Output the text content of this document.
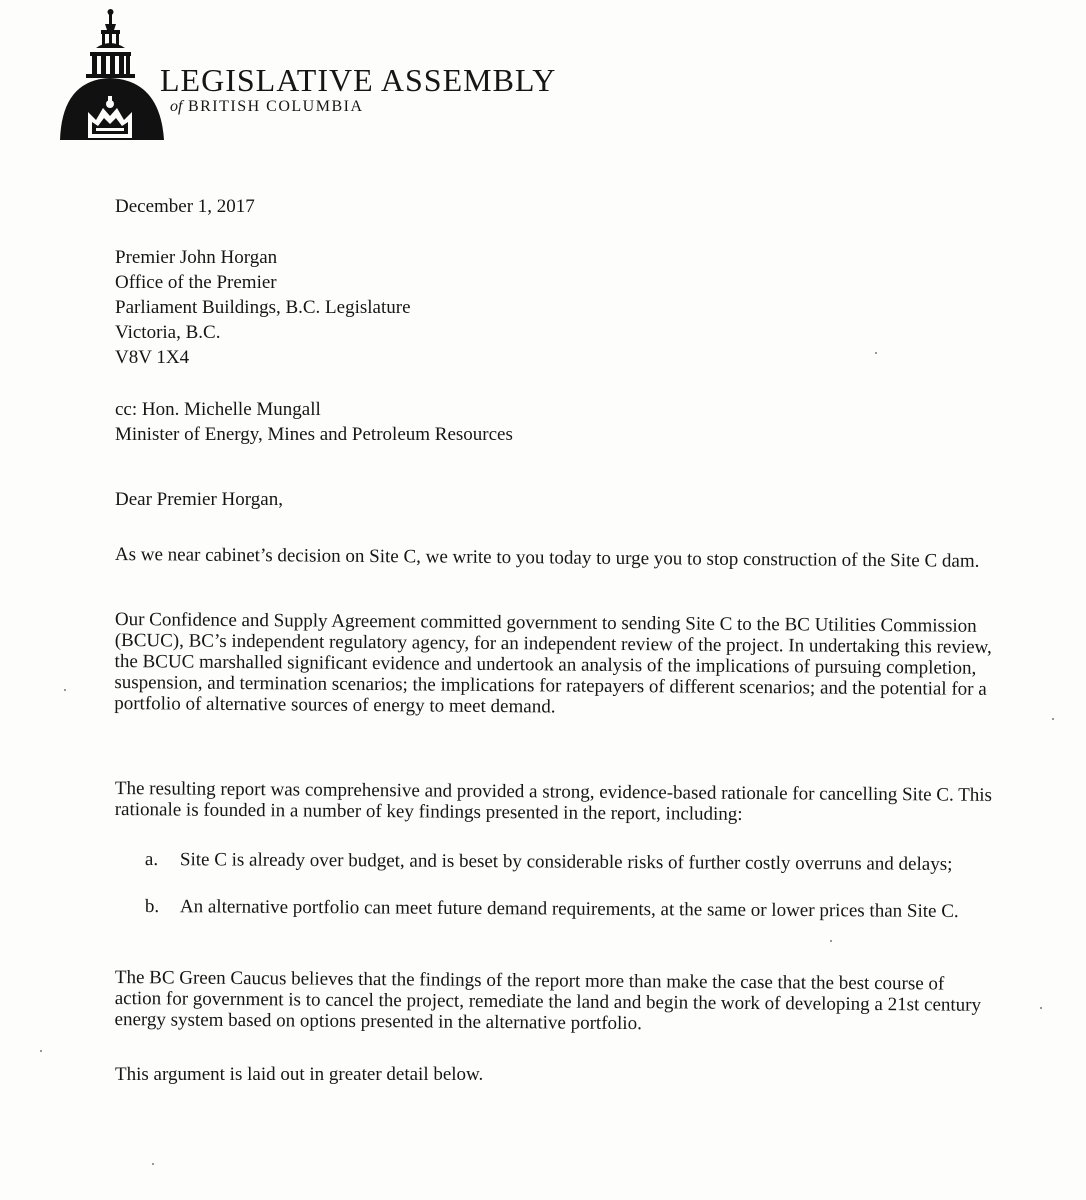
LEGISLATIVE ASSEMBLY
of BRITISH COLUMBIA
December 1, 2017
Premier John Horgan
Office of the Premier
Parliament Buildings, B.C. Legislature
Victoria, B.C.
V8V 1X4
cc: Hon. Michelle Mungall
Minister of Energy, Mines and Petroleum Resources
Dear Premier Horgan,
As we near cabinet’s decision on Site C, we write to you today to urge you to stop construction of the Site C dam.
Our Confidence and Supply Agreement committed government to sending Site C to the BC Utilities Commission (BCUC), BC’s independent regulatory agency, for an independent review of the project. In undertaking this review, the BCUC marshalled significant evidence and undertook an analysis of the implications of pursuing completion, suspension, and termination scenarios; the implications for ratepayers of different scenarios; and the potential for a portfolio of alternative sources of energy to meet demand.
The resulting report was comprehensive and provided a strong, evidence-based rationale for cancelling Site C. This rationale is founded in a number of key findings presented in the report, including:
a. Site C is already over budget, and is beset by considerable risks of further costly overruns and delays;
b. An alternative portfolio can meet future demand requirements, at the same or lower prices than Site C.
The BC Green Caucus believes that the findings of the report more than make the case that the best course of action for government is to cancel the project, remediate the land and begin the work of developing a 21st century energy system based on options presented in the alternative portfolio.
This argument is laid out in greater detail below.
